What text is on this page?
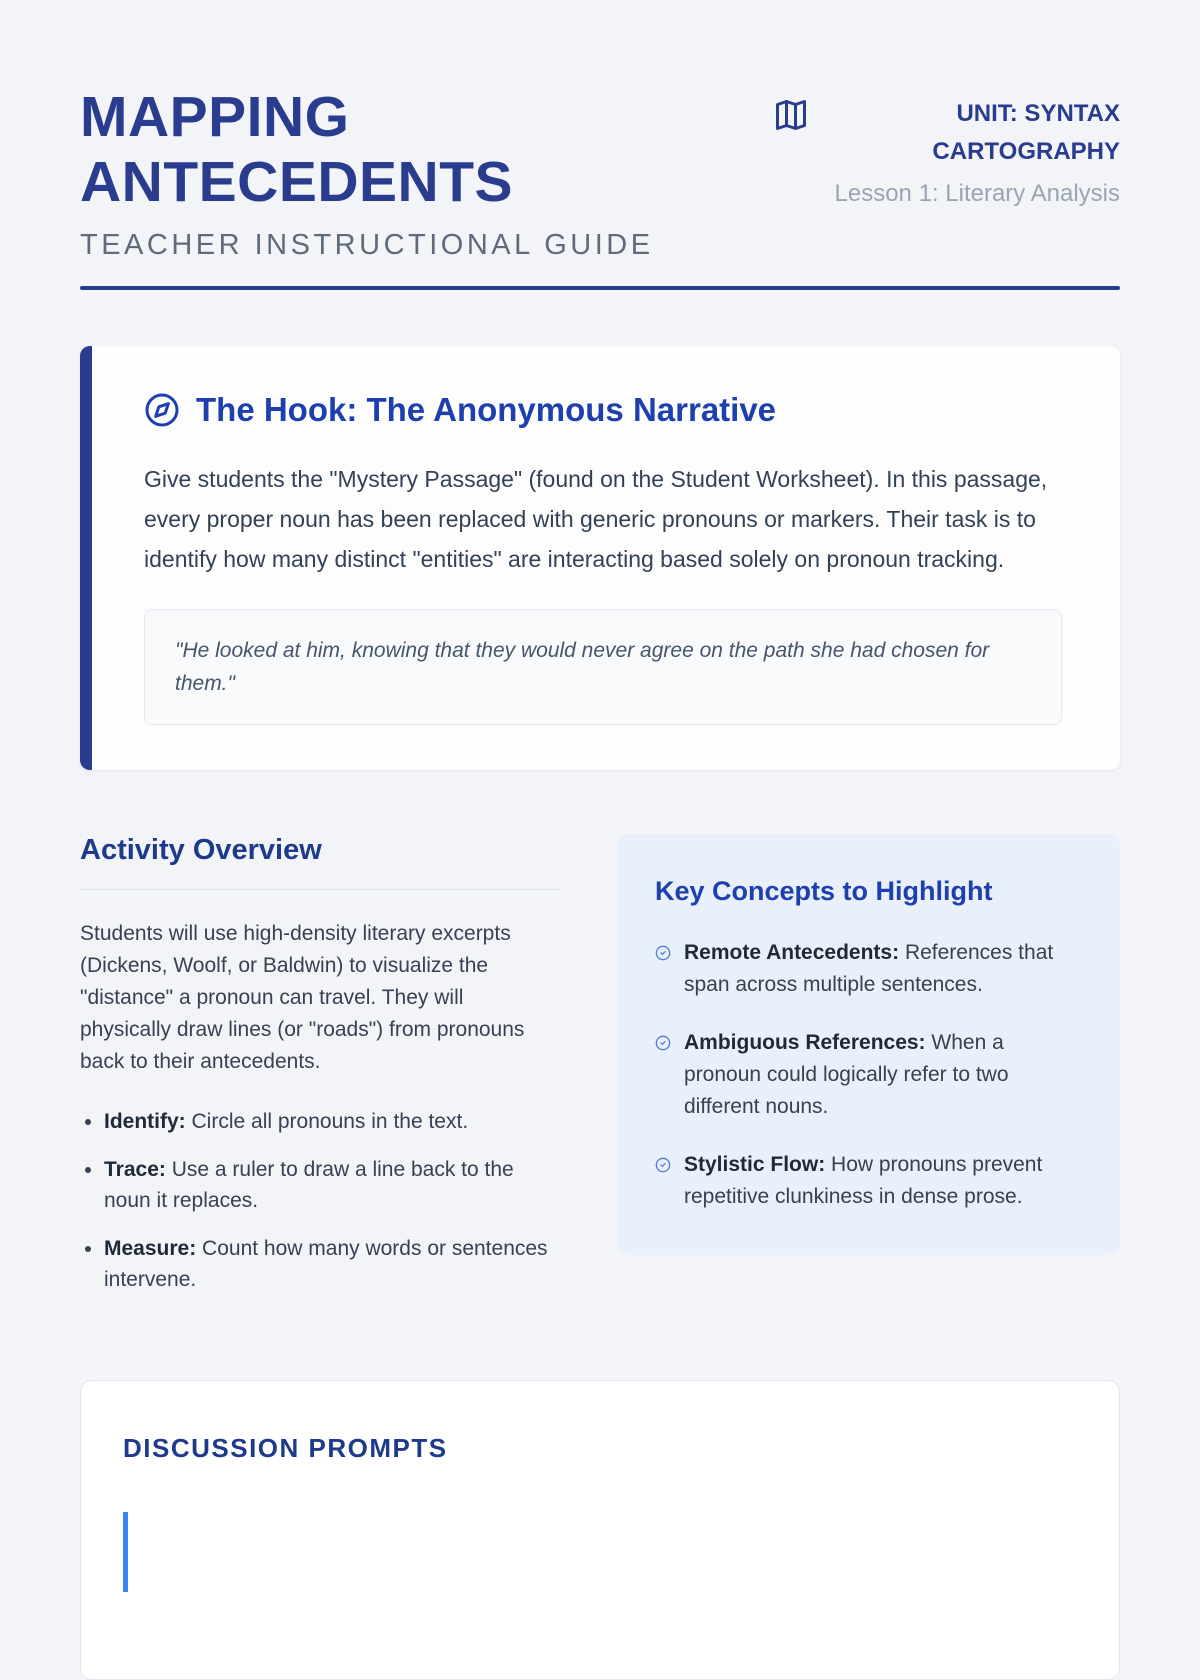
MAPPING
ANTECEDENTS
TEACHER INSTRUCTIONAL GUIDE
UNIT: SYNTAX
CARTOGRAPHY
Lesson 1: Literary Analysis
The Hook: The Anonymous Narrative

Give students the "Mystery Passage" (found on the Student Worksheet). In this passage, every proper noun has been replaced with generic pronouns or markers. Their task is to identify how many distinct "entities" are interacting based solely on pronoun tracking.

"He looked at him, knowing that they would never agree on the path she had chosen for them."
Activity Overview

Students will use high-density literary excerpts (Dickens, Woolf, or Baldwin) to visualize the "distance" a pronoun can travel. They will physically draw lines (or "roads") from pronouns back to their antecedents.

• Identify: Circle all pronouns in the text.
• Trace: Use a ruler to draw a line back to the noun it replaces.
• Measure: Count how many words or sentences intervene.
Key Concepts to Highlight
Remote Antecedents: References that span across multiple sentences.
Ambiguous References: When a pronoun could logically refer to two different nouns.
Stylistic Flow: How pronouns prevent repetitive clunkiness in dense prose.
DISCUSSION PROMPTS
